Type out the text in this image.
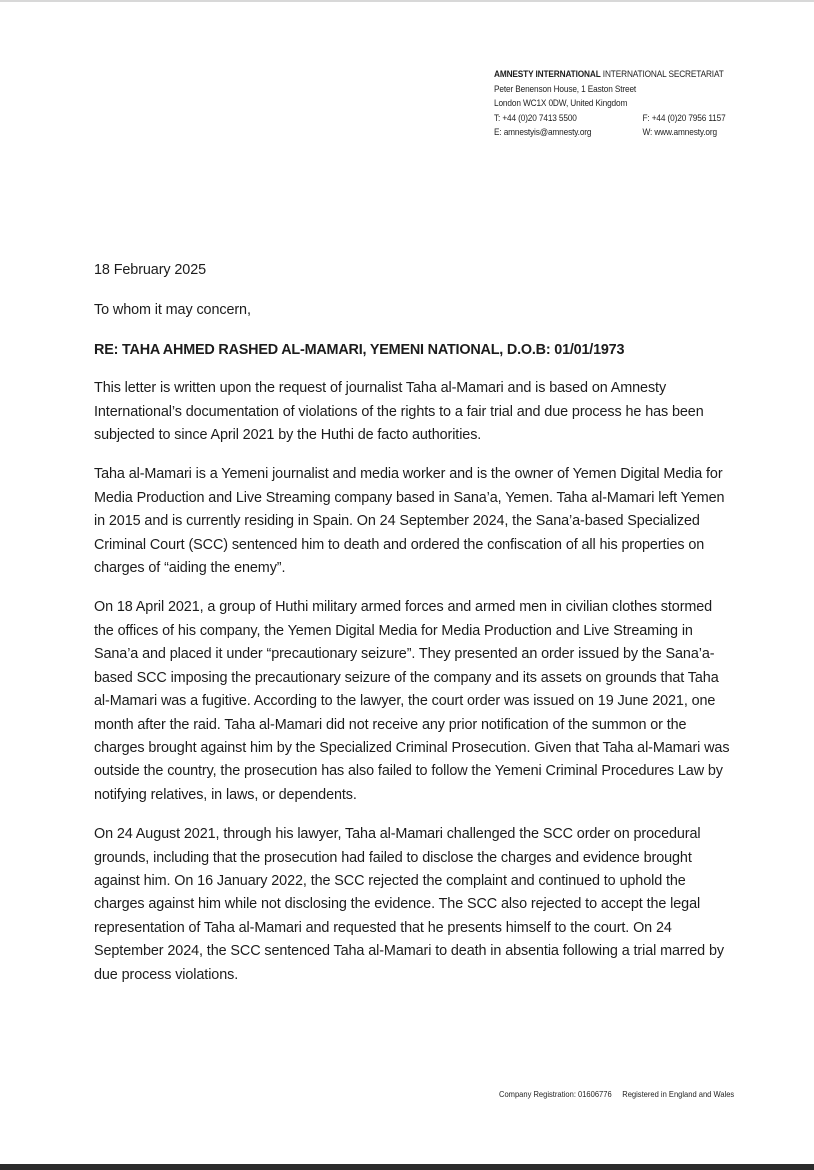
AMNESTY INTERNATIONAL INTERNATIONAL SECRETARIAT
Peter Benenson House, 1 Easton Street
London WC1X 0DW, United Kingdom
T: +44 (0)20 7413 5500	F: +44 (0)20 7956 1157
E: amnestyis@amnesty.org	W: www.amnesty.org

18 February 2025

To whom it may concern,

RE: TAHA AHMED RASHED AL-MAMARI, YEMENI NATIONAL, D.O.B: 01/01/1973

This letter is written upon the request of journalist Taha al-Mamari and is based on Amnesty International’s documentation of violations of the rights to a fair trial and due process he has been subjected to since April 2021 by the Huthi de facto authorities.

Taha al-Mamari is a Yemeni journalist and media worker and is the owner of Yemen Digital Media for Media Production and Live Streaming company based in Sana’a, Yemen. Taha al-Mamari left Yemen in 2015 and is currently residing in Spain. On 24 September 2024, the Sana’a-based Specialized Criminal Court (SCC) sentenced him to death and ordered the confiscation of all his properties on charges of “aiding the enemy”.

On 18 April 2021, a group of Huthi military armed forces and armed men in civilian clothes stormed the offices of his company, the Yemen Digital Media for Media Production and Live Streaming in Sana’a and placed it under “precautionary seizure”. They presented an order issued by the Sana’a-based SCC imposing the precautionary seizure of the company and its assets on grounds that Taha al-Mamari was a fugitive. According to the lawyer, the court order was issued on 19 June 2021, one month after the raid. Taha al-Mamari did not receive any prior notification of the summon or the charges brought against him by the Specialized Criminal Prosecution. Given that Taha al-Mamari was outside the country, the prosecution has also failed to follow the Yemeni Criminal Procedures Law by notifying relatives, in laws, or dependents.

On 24 August 2021, through his lawyer, Taha al-Mamari challenged the SCC order on procedural grounds, including that the prosecution had failed to disclose the charges and evidence brought against him. On 16 January 2022, the SCC rejected the complaint and continued to uphold the charges against him while not disclosing the evidence. The SCC also rejected to accept the legal representation of Taha al-Mamari and requested that he presents himself to the court. On 24 September 2024, the SCC sentenced Taha al-Mamari to death in absentia following a trial marred by due process violations.

Company Registration: 01606776 Registered in England and Wales
